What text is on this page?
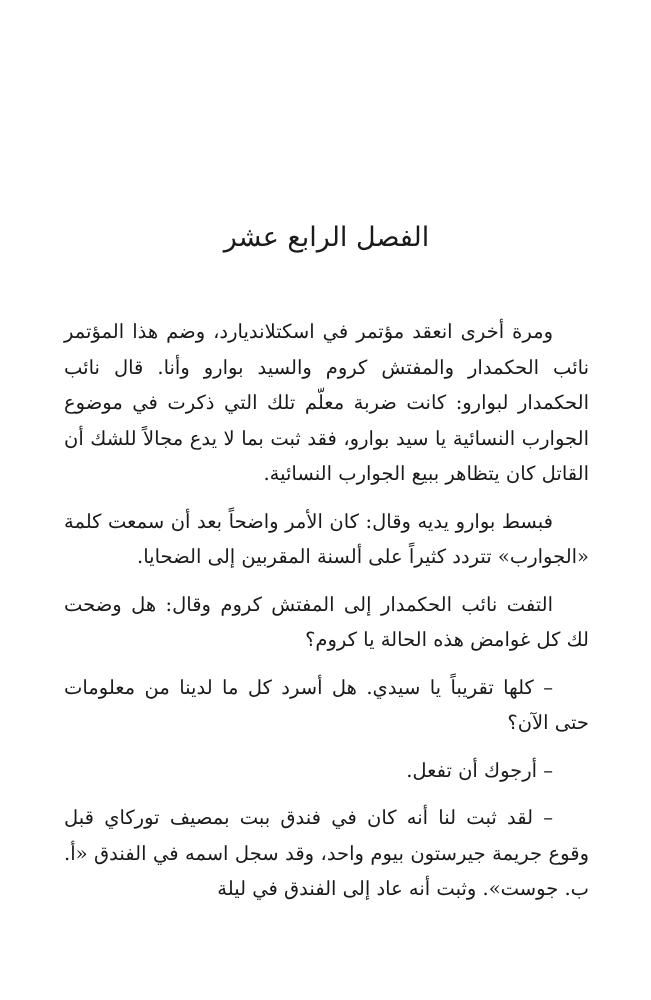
الفصل الرابع عشر

ومرة أخرى انعقد مؤتمر في اسكتلانديارد، وضم هذا المؤتمر نائب الحكمدار والمفتش كروم والسيد بوارو وأنا. قال نائب الحكمدار لبوارو: كانت ضربة معلّم تلك التي ذكرت في موضوع الجوارب النسائية يا سيد بوارو، فقد ثبت بما لا يدع مجالاً للشك أن القاتل كان يتظاهر ببيع الجوارب النسائية.

فبسط بوارو يديه وقال: كان الأمر واضحاً بعد أن سمعت كلمة «الجوارب» تتردد كثيراً على ألسنة المقربين إلى الضحايا.

التفت نائب الحكمدار إلى المفتش كروم وقال: هل وضحت لك كل غوامض هذه الحالة يا كروم؟

– كلها تقريباً يا سيدي. هل أسرد كل ما لدينا من معلومات حتى الآن؟

– أرجوك أن تفعل.

– لقد ثبت لنا أنه كان في فندق ببت بمصيف توركاي قبل وقوع جريمة جيرستون بيوم واحد، وقد سجل اسمه في الفندق «أ. ب. جوست». وثبت أنه عاد إلى الفندق في ليلة
